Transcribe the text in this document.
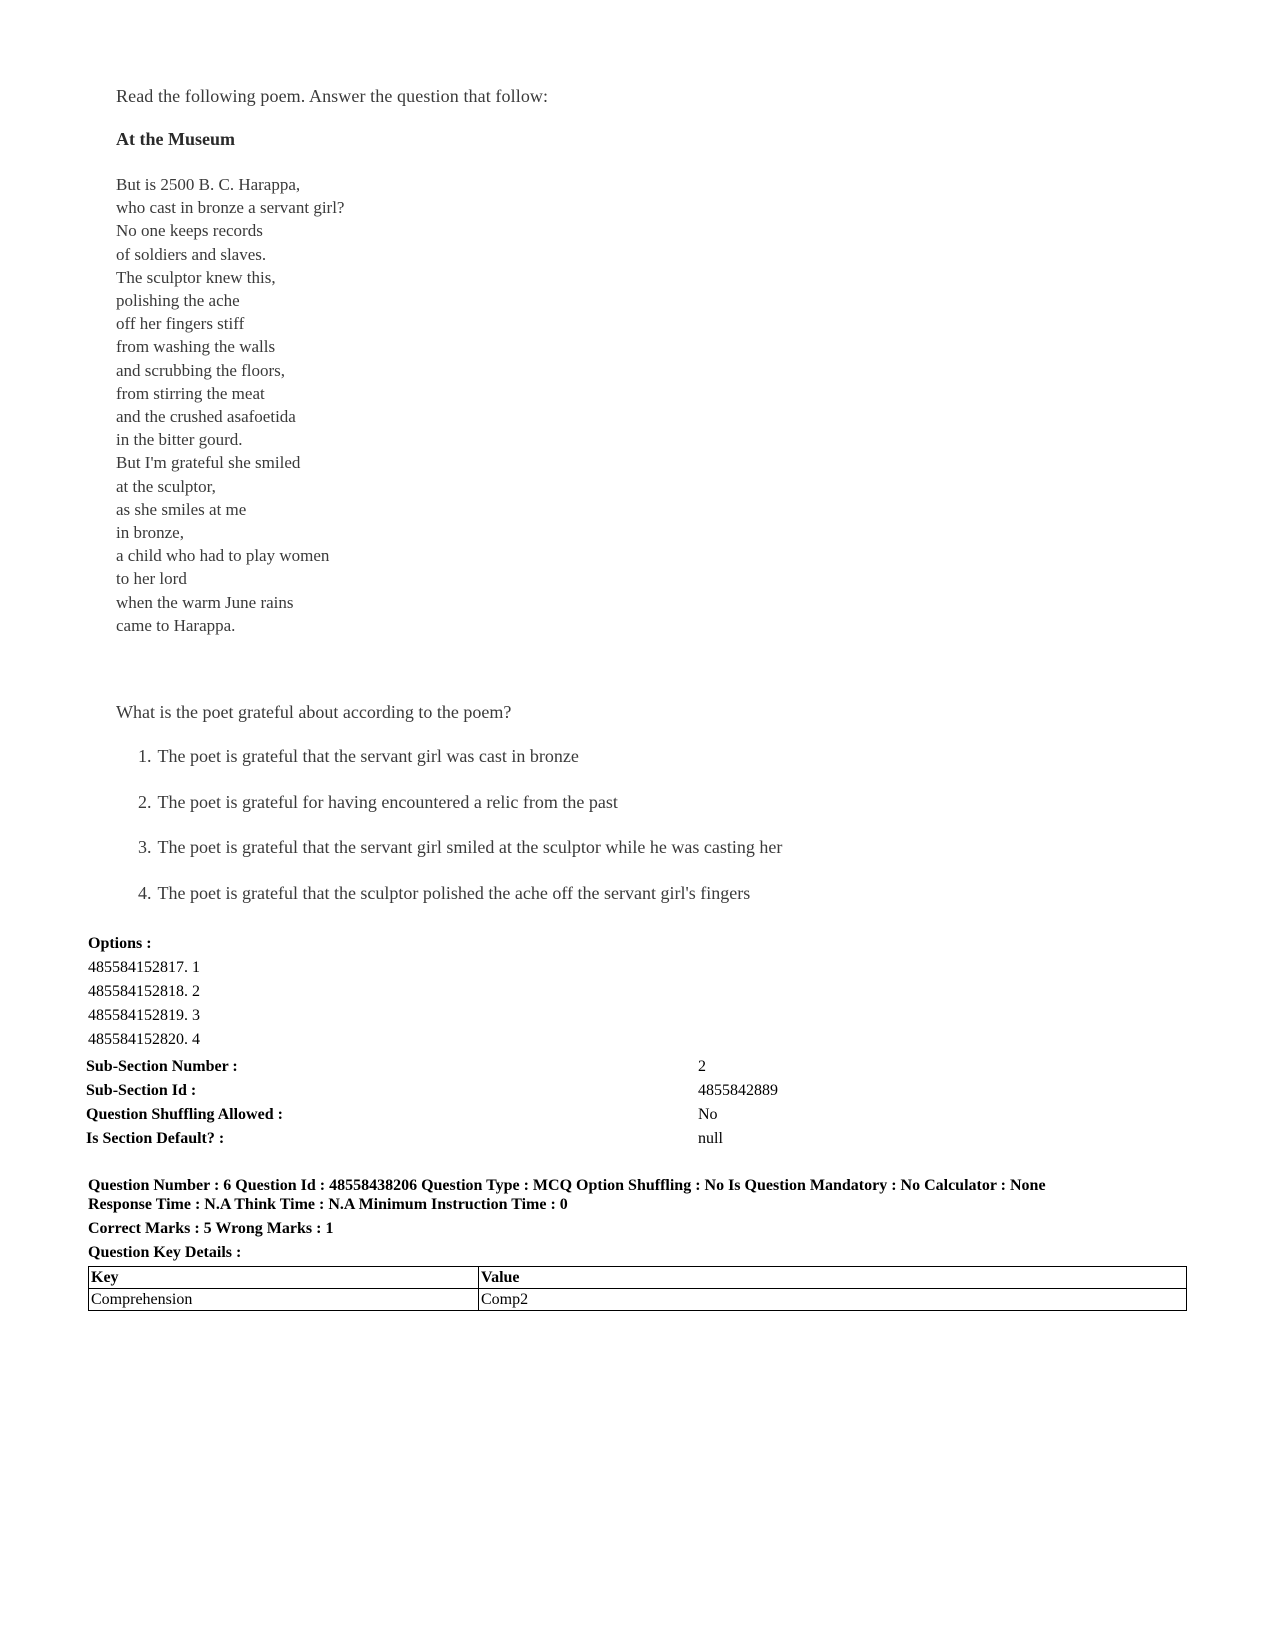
Read the following poem. Answer the question that follow:
At the Museum
But is 2500 B. C. Harappa,
who cast in bronze a servant girl?
No one keeps records
of soldiers and slaves.
The sculptor knew this,
polishing the ache
off her fingers stiff
from washing the walls
and scrubbing the floors,
from stirring the meat
and the crushed asafoetida
in the bitter gourd.
But I'm grateful she smiled
at the sculptor,
as she smiles at me
in bronze,
a child who had to play women
to her lord
when the warm June rains
came to Harappa.
What is the poet grateful about according to the poem?
1. The poet is grateful that the servant girl was cast in bronze
2. The poet is grateful for having encountered a relic from the past
3. The poet is grateful that the servant girl smiled at the sculptor while he was casting her
4. The poet is grateful that the sculptor polished the ache off the servant girl's fingers
Options :
485584152817. 1
485584152818. 2
485584152819. 3
485584152820. 4
Sub-Section Number :	2
Sub-Section Id :	4855842889
Question Shuffling Allowed :	No
Is Section Default? :	null
Question Number : 6 Question Id : 48558438206 Question Type : MCQ Option Shuffling : No Is Question Mandatory : No Calculator : None
Response Time : N.A Think Time : N.A Minimum Instruction Time : 0
Correct Marks : 5 Wrong Marks : 1
Question Key Details :
Key	Value
Comprehension	Comp2
